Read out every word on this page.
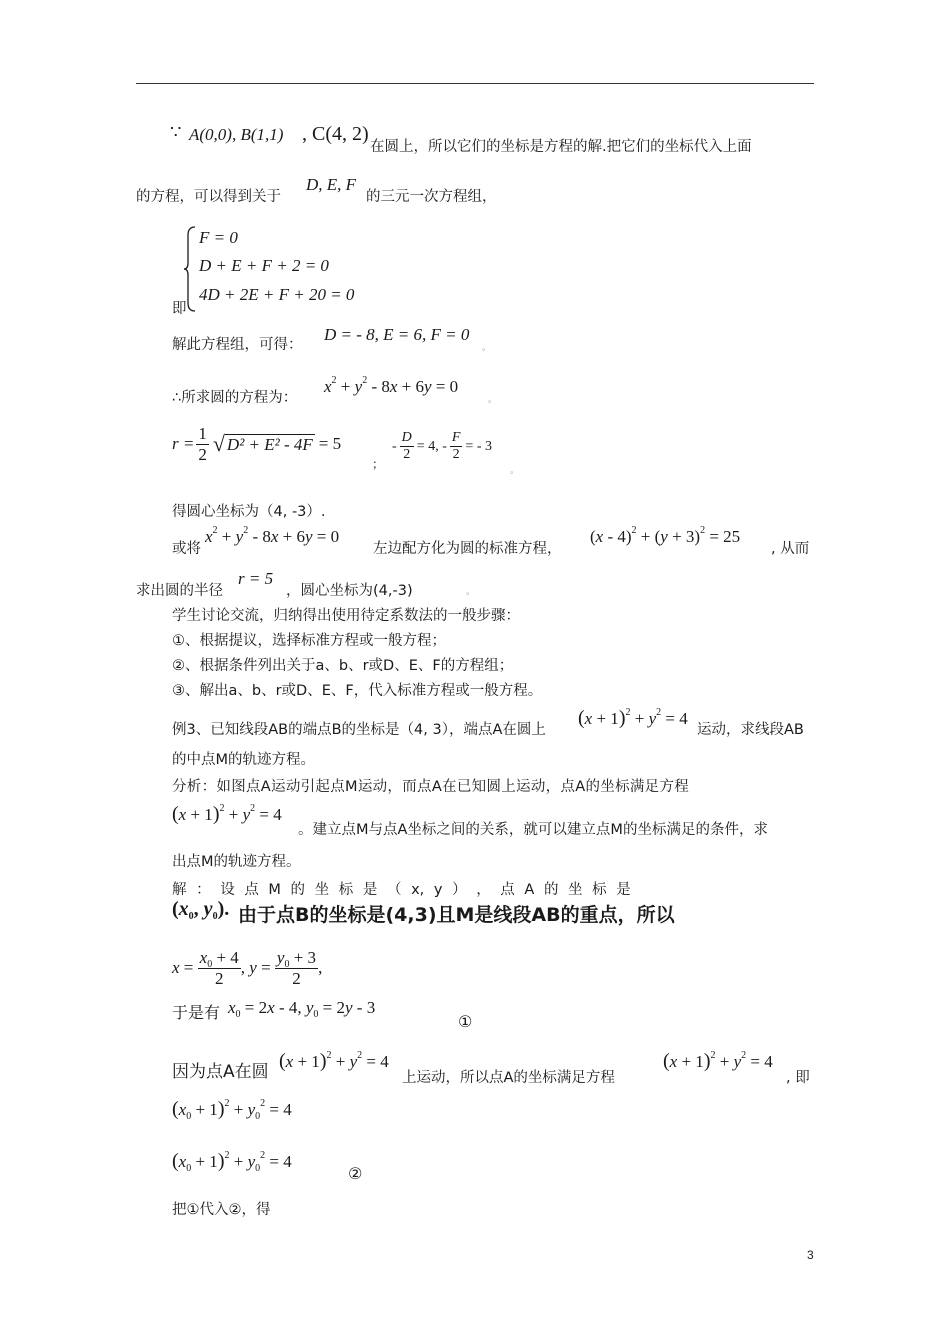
∵ A(0,0), B(1,1) , C(4, 2)
在圆上，所以它们的坐标是方程的解.把它们的坐标代入上面
的方程，可以得到关于
D, E, F
的三元一次方程组，
F = 0
D + E + F + 2 = 0
4D + 2E + F + 20 = 0
即
解此方程组，可得：
D = - 8, E = 6, F = 0
。
∴所求圆的方程为：
$x^2 + y^2 - 8x + 6y = 0$
。
$r = \frac{1}{2}$ √ D² + E² - 4F = 5
；
- $\frac{D}{2} = 4$, - $\frac{F}{2}$ = - 3
。
得圆心坐标为（4, -3）.
或将
$x^2 + y^2 - 8x + 6y = 0$
左边配方化为圆的标准方程，
$(x - 4)^2 + (y + 3)^2 = 25$
, 从而
求出圆的半径
r = 5
，圆心坐标为(4,-3)	。
学生讨论交流，归纳得出使用待定系数法的一般步骤：
①、根据提议，选择标准方程或一般方程；
②、根据条件列出关于a、b、r或D、E、F的方程组；
③、解出a、b、r或D、E、F，代入标准方程或一般方程。
例3、已知线段AB的端点B的坐标是（4, 3），端点A在圆上
$(x + 1)^2 + y^2 = 4$
运动，求线段AB
的中点M的轨迹方程。
分析：如图点A运动引起点M运动，而点A在已知圆上运动，点A的坐标满足方程
$(x + 1)^2 + y^2 = 4$
。建立点M与点A坐标之间的关系，就可以建立点M的坐标满足的条件，求
出点M的轨迹方程。
解 ： 设 点 M 的 坐 标 是 （ x, y ） ， 点 A 的 坐 标 是
($x_0$, $y_0$). 由于点B的坐标是(4,3)且M是线段AB的重点，所以
$x = \frac{x_0 + 4}{2}$ , $y = \frac{y_0 + 3}{2}$ ,
于是有 $x_0 = 2x - 4$, $y_0 = 2y - 3$
①
因为点A在圆 $(x + 1)^2 + y^2 = 4$
上运动，所以点A的坐标满足方程
$(x + 1)^2 + y^2 = 4$
, 即
$(x_0 + 1)^2 + y_0^2 = 4$
$(x_0 + 1)^2 + y_0^2 = 4$
②
把①代入②，得
3
